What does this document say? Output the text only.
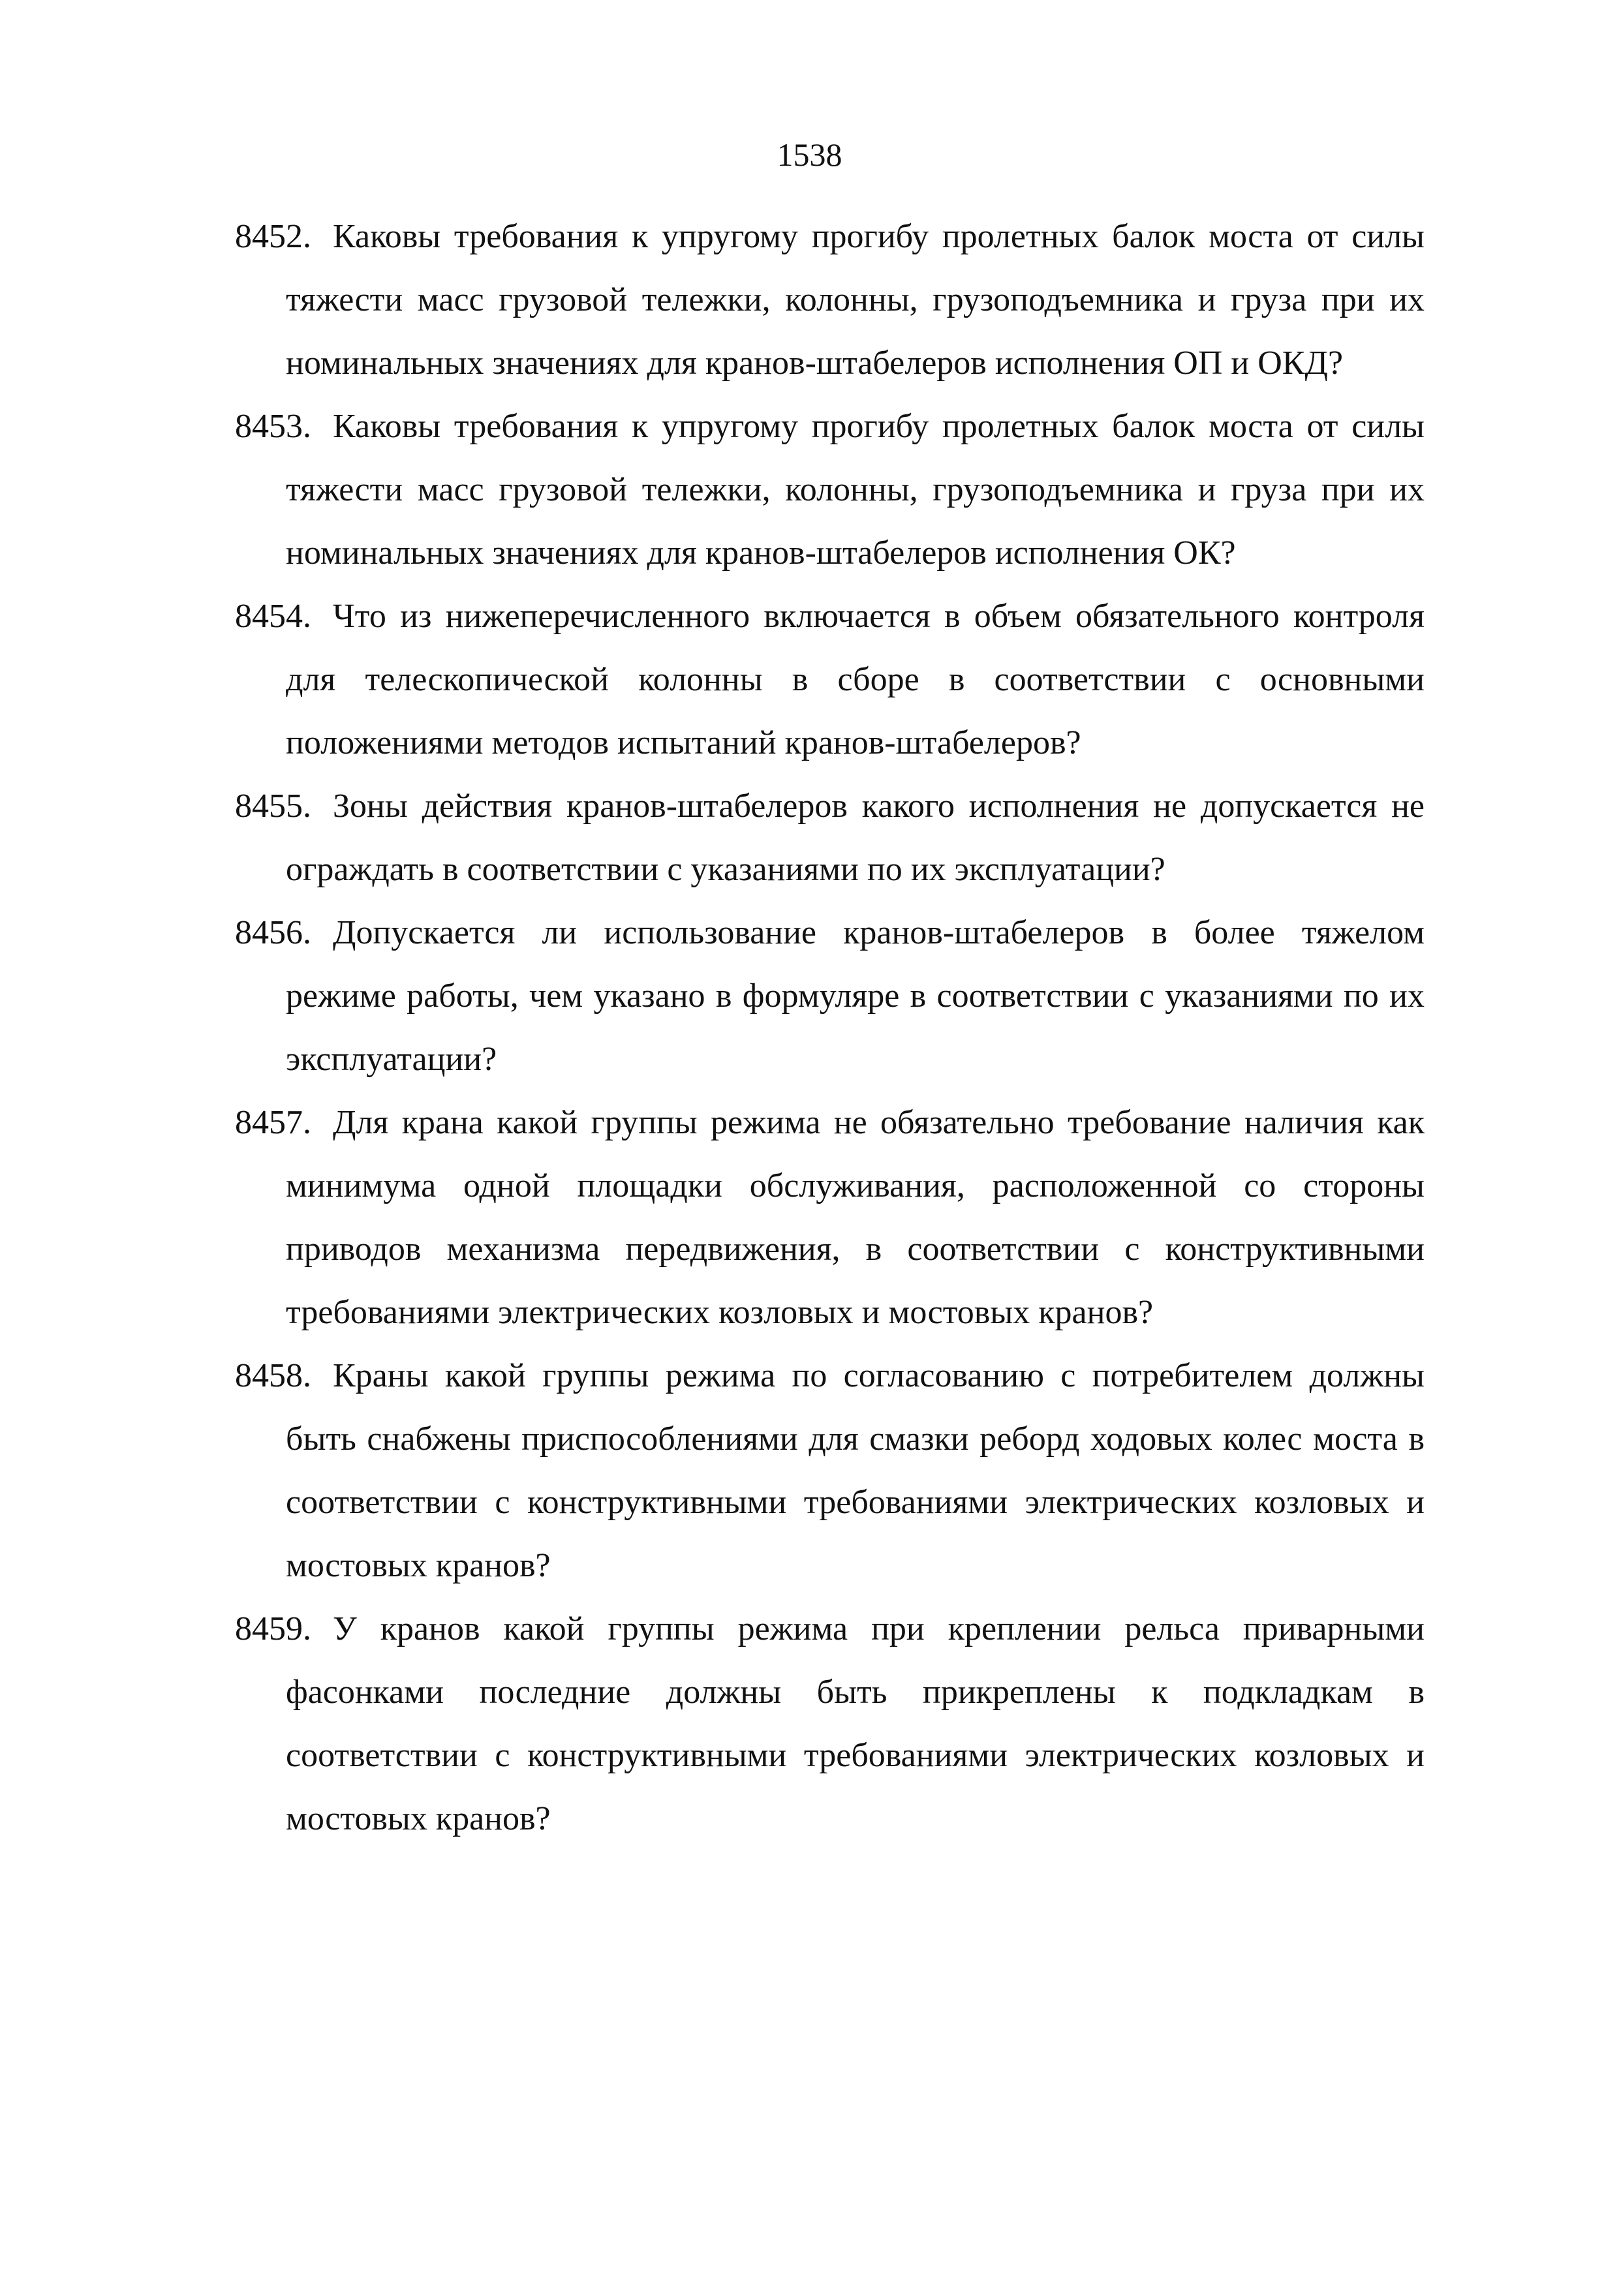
1538
8452. Каковы требования к упругому прогибу пролетных балок моста от силы тяжести масс грузовой тележки, колонны, грузоподъемника и груза при их номинальных значениях для кранов-штабелеров исполнения ОП и ОКД?
8453. Каковы требования к упругому прогибу пролетных балок моста от силы тяжести масс грузовой тележки, колонны, грузоподъемника и груза при их номинальных значениях для кранов-штабелеров исполнения ОК?
8454. Что из нижеперечисленного включается в объем обязательного контроля для телескопической колонны в сборе в соответствии с основными положениями методов испытаний кранов-штабелеров?
8455. Зоны действия кранов-штабелеров какого исполнения не допускается не ограждать в соответствии с указаниями по их эксплуатации?
8456. Допускается ли использование кранов-штабелеров в более тяжелом режиме работы, чем указано в формуляре в соответствии с указаниями по их эксплуатации?
8457. Для крана какой группы режима не обязательно требование наличия как минимума одной площадки обслуживания, расположенной со стороны приводов механизма передвижения, в соответствии с конструктивными требованиями электрических козловых и мостовых кранов?
8458. Краны какой группы режима по согласованию с потребителем должны быть снабжены приспособлениями для смазки реборд ходовых колес моста в соответствии с конструктивными требованиями электрических козловых и мостовых кранов?
8459. У кранов какой группы режима при креплении рельса приварными фасонками последние должны быть прикреплены к подкладкам в соответствии с конструктивными требованиями электрических козловых и мостовых кранов?
